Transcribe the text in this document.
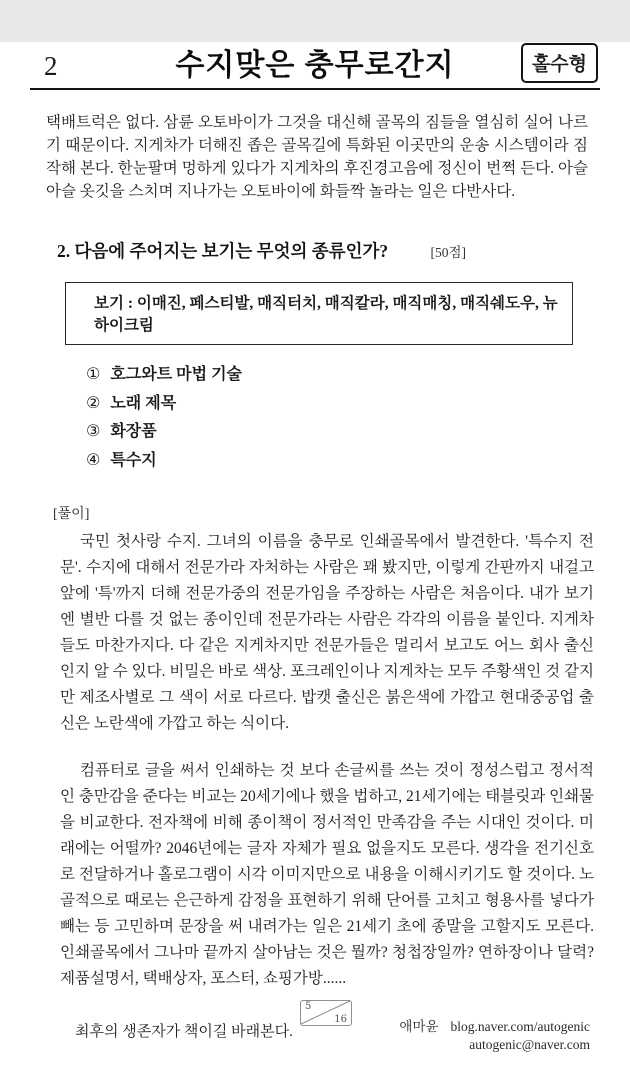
2	수지맞은 충무로간지	홀수형

택배트럭은 없다. 삼륜 오토바이가 그것을 대신해 골목의 짐들을 열심히 실어 나르기 때문이다. 지게차가 더해진 좁은 골목길에 특화된 이곳만의 운송 시스템이라 짐작해 본다. 한눈팔며 멍하게 있다가 지게차의 후진경고음에 정신이 번쩍 든다. 아슬아슬 옷깃을 스치며 지나가는 오토바이에 화들짝 놀라는 일은 다반사다.

2. 다음에 주어지는 보기는 무엇의 종류인가?	[50점]
보기 : 이매진, 페스티발, 매직터치, 매직칼라, 매직매칭, 매직쉐도우, 뉴하이크림
① 호그와트 마법 기술
② 노래 제목
③ 화장품
④ 특수지
[풀이]

국민 첫사랑 수지. 그녀의 이름을 충무로 인쇄골목에서 발견한다. '특수지 전문'. 수지에 대해서 전문가라 자처하는 사람은 꽤 봤지만, 이렇게 간판까지 내걸고 앞에 '특'까지 더해 전문가중의 전문가임을 주장하는 사람은 처음이다. 내가 보기엔 별반 다를 것 없는 종이인데 전문가라는 사람은 각각의 이름을 붙인다. 지게차들도 마찬가지다. 다 같은 지게차지만 전문가들은 멀리서 보고도 어느 회사 출신인지 알 수 있다. 비밀은 바로 색상. 포크레인이나 지게차는 모두 주황색인 것 같지만 제조사별로 그 색이 서로 다르다. 밥캣 출신은 붉은색에 가깝고 현대중공업 출신은 노란색에 가깝고 하는 식이다.

컴퓨터로 글을 써서 인쇄하는 것 보다 손글씨를 쓰는 것이 정성스럽고 정서적인 충만감을 준다는 비교는 20세기에나 했을 법하고, 21세기에는 태블릿과 인쇄물을 비교한다. 전자책에 비해 종이책이 정서적인 만족감을 주는 시대인 것이다. 미래에는 어떨까? 2046년에는 글자 자체가 필요 없을지도 모른다. 생각을 전기신호로 전달하거나 홀로그램이 시각 이미지만으로 내용을 이해시키기도 할 것이다. 노골적으로 때로는 은근하게 감정을 표현하기 위해 단어를 고치고 형용사를 넣다가 빼는 등 고민하며 문장을 써 내려가는 일은 21세기 초에 종말을 고할지도 모른다. 인쇄골목에서 그나마 끝까지 살아남는 것은 뭘까? 청첩장일까? 연하장이나 달력? 제품설명서, 택배상자, 포스터, 쇼핑가방......

최후의 생존자가 책이길 바래본다.	애마윤 blog.naver.com/autogenic
autogenic@naver.com
5
16
